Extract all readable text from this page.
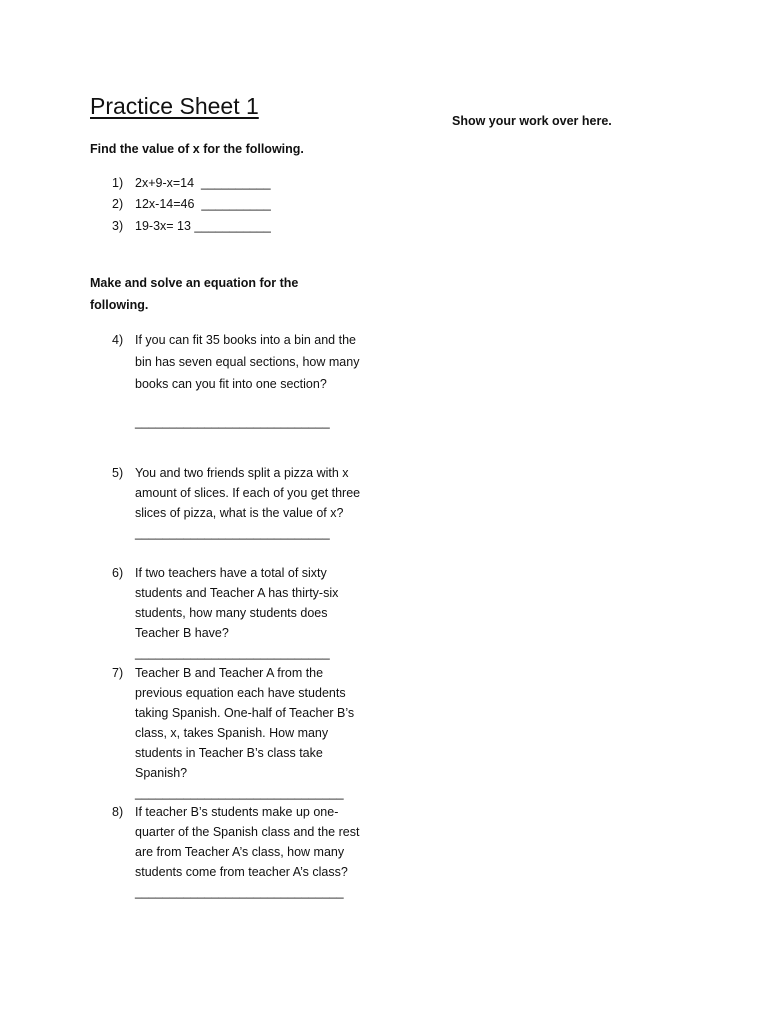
Practice Sheet 1
Show your work over here.
Find the value of x for the following.
1) 2x+9-x=14  __________
2) 12x-14=46  __________
3) 19-3x= 13 ___________
Make and solve an equation for the following.
4) If you can fit 35 books into a bin and the bin has seven equal sections, how many books can you fit into one section?
____________________________
5) You and two friends split a pizza with x amount of slices. If each of you get three slices of pizza, what is the value of x?
____________________________
6) If two teachers have a total of sixty students and Teacher A has thirty-six students, how many students does Teacher B have?
____________________________
7) Teacher B and Teacher A from the previous equation each have students taking Spanish. One-half of Teacher B’s class, x, takes Spanish. How many students in Teacher B’s class take Spanish?
______________________________
8) If teacher B’s students make up one-quarter of the Spanish class and the rest are from Teacher A’s class, how many students come from teacher A’s class?
______________________________
